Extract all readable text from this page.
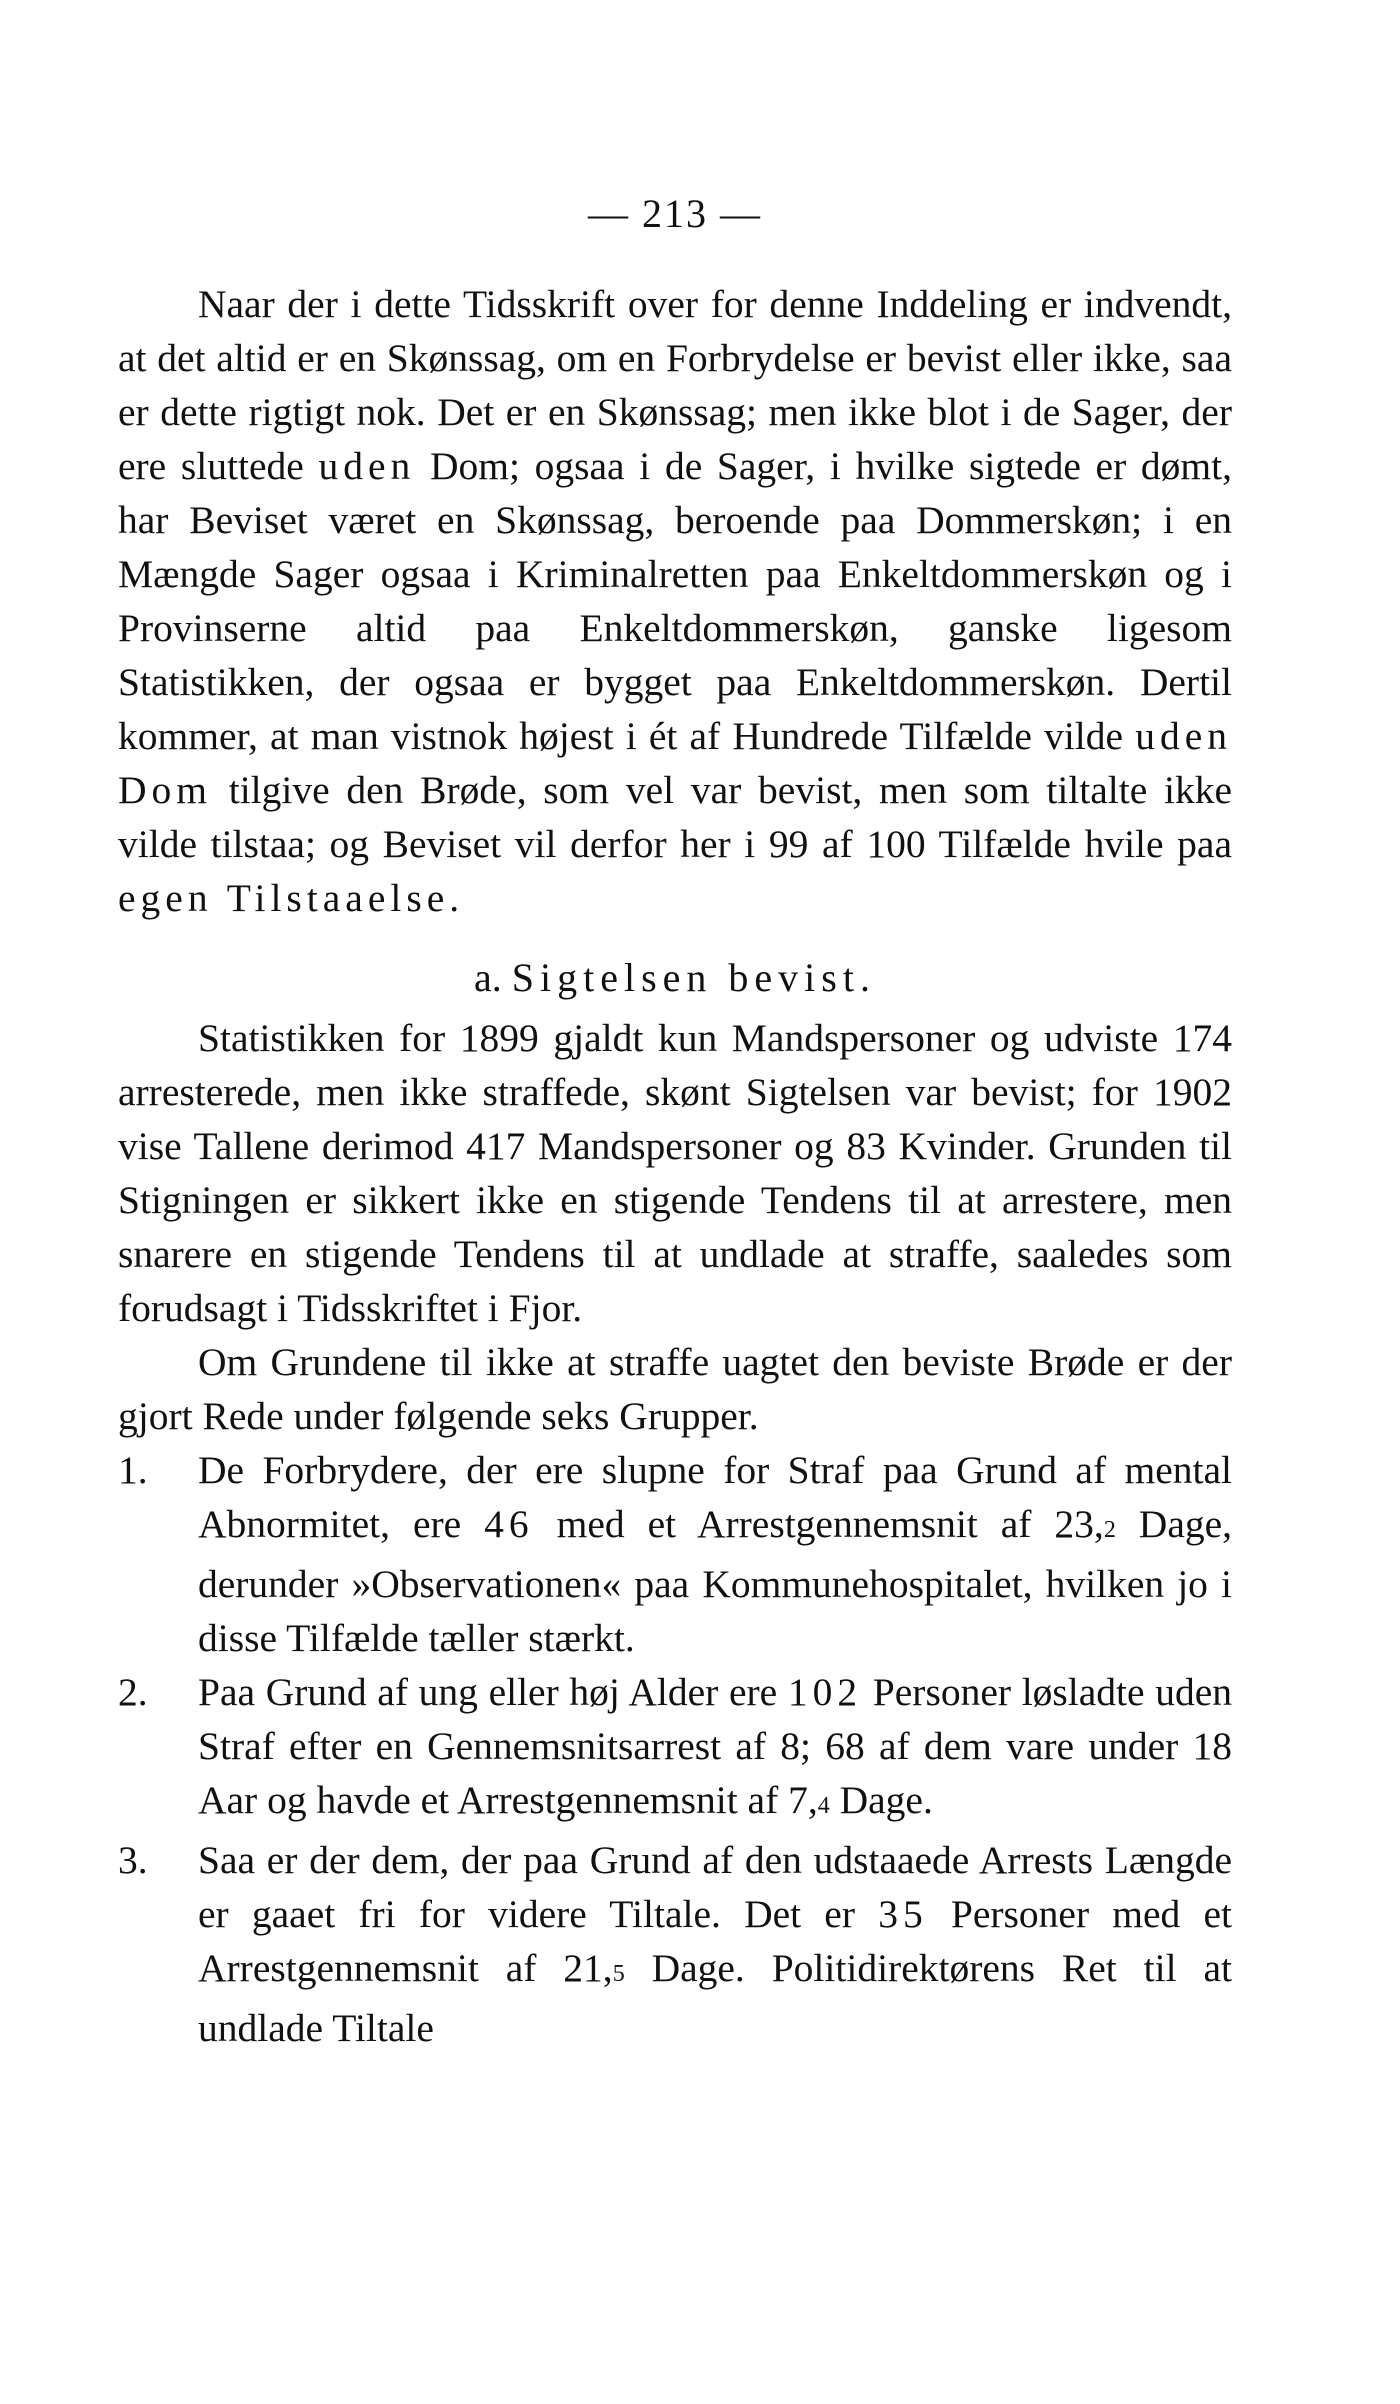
— 213 —

Naar der i dette Tidsskrift over for denne Inddeling er indvendt, at det altid er en Skønssag, om en Forbrydelse er bevist eller ikke, saa er dette rigtigt nok. Det er en Skønssag; men ikke blot i de Sager, der ere sluttede uden Dom; ogsaa i de Sager, i hvilke sigtede er dømt, har Beviset været en Skønssag, beroende paa Dommerskøn; i en Mængde Sager ogsaa i Kriminalretten paa Enkeltdommerskøn og i Provinserne altid paa Enkeltdommerskøn, ganske ligesom Statistikken, der ogsaa er bygget paa Enkeltdommerskøn. Dertil kommer, at man vistnok højest i ét af Hundrede Tilfælde vilde uden Dom tilgive den Brøde, som vel var bevist, men som tiltalte ikke vilde tilstaa; og Beviset vil derfor her i 99 af 100 Tilfælde hvile paa egen Tilstaaelse.

a. Sigtelsen bevist.

Statistikken for 1899 gjaldt kun Mandspersoner og udviste 174 arresterede, men ikke straffede, skønt Sigtelsen var bevist; for 1902 vise Tallene derimod 417 Mandspersoner og 83 Kvinder. Grunden til Stigningen er sikkert ikke en stigende Tendens til at arrestere, men snarere en stigende Tendens til at undlade at straffe, saaledes som forudsagt i Tidsskriftet i Fjor.

Om Grundene til ikke at straffe uagtet den beviste Brøde er der gjort Rede under følgende seks Grupper.

1.	De Forbrydere, der ere slupne for Straf paa Grund af mental Abnormitet, ere 46 med et Arrestgennemsnit af 23,2 Dage, derunder »Observationen« paa Kommunehospitalet, hvilken jo i disse Tilfælde tæller stærkt.

2.	Paa Grund af ung eller høj Alder ere 102 Personer løsladte uden Straf efter en Gennemsnitsarrest af 8; 68 af dem vare under 18 Aar og havde et Arrestgennemsnit af 7,4 Dage.

3.	Saa er der dem, der paa Grund af den udstaaede Arrests Længde er gaaet fri for videre Tiltale. Det er 35 Personer med et Arrestgennemsnit af 21,5 Dage. Politidirektørens Ret til at undlade Tiltale
